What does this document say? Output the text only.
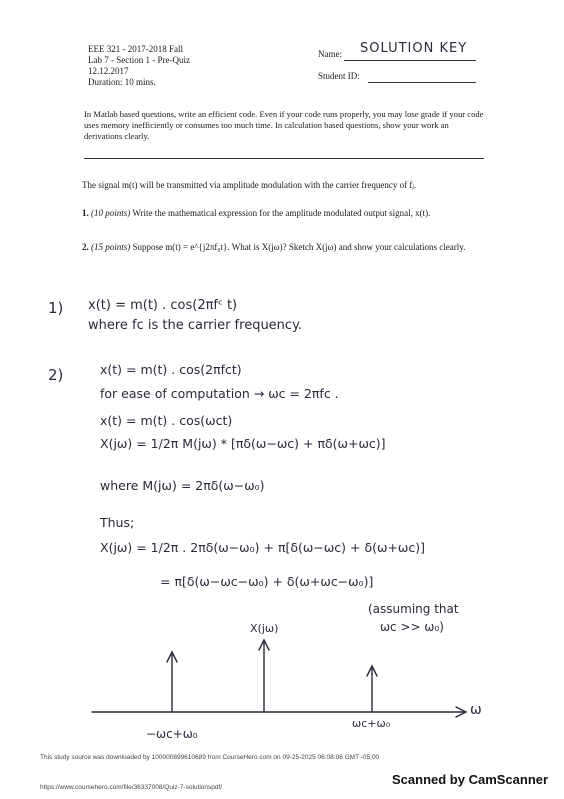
EEE 321 - 2017-2018 Fall
Lab 7 - Section 1 - Pre-Quiz
12.12.2017
Duration: 10 mins.
Name: SOLUTION KEY
Student ID:
In Matlab based questions, write an efficient code. Even if your code runs properly, you may lose grade if your code uses memory inefficiently or consumes too much time. In calculation based questions, show your work an derivations clearly.
The signal m(t) will be transmitted via amplitude modulation with the carrier frequency of fⱼ.
1. (10 points) Write the mathematical expression for the amplitude modulated output signal, x(t).
2. (15 points) Suppose m(t) = e^{j2πf₀t}. What is X(jω)? Sketch X(jω) and show your calculations clearly.
1) x(t) = m(t) . cos(2πfᶜ t)
where fc is the carrier frequency.
2)	x(t) = m(t) . cos(2πfct)
for ease of computation → ωc = 2πfc .
x(t) = m(t) . cos(ωct)
X(jω) = 1/2π M(jω) * [πδ(ω−ωc) + πδ(ω+ωc)]
where M(jω) = 2πδ(ω−ω₀)
Thus;
X(jω) = 1/2π . 2πδ(ω−ω₀) + π[δ(ω−ωc) + δ(ω+ωc)]
= π[δ(ω−ωc−ω₀) + δ(ω+ωc−ω₀)]
(assuming that
ωc >> ω₀)
X(jω)
ω
−ωc+ω₀
ωc+ω₀
This study source was downloaded by 100000899610689 from CourseHero.com on 09-25-2025 06:08:06 GMT -05:00
https://www.coursehero.com/file/36337008/Quiz-7-solutionspdf/
Scanned by CamScanner
